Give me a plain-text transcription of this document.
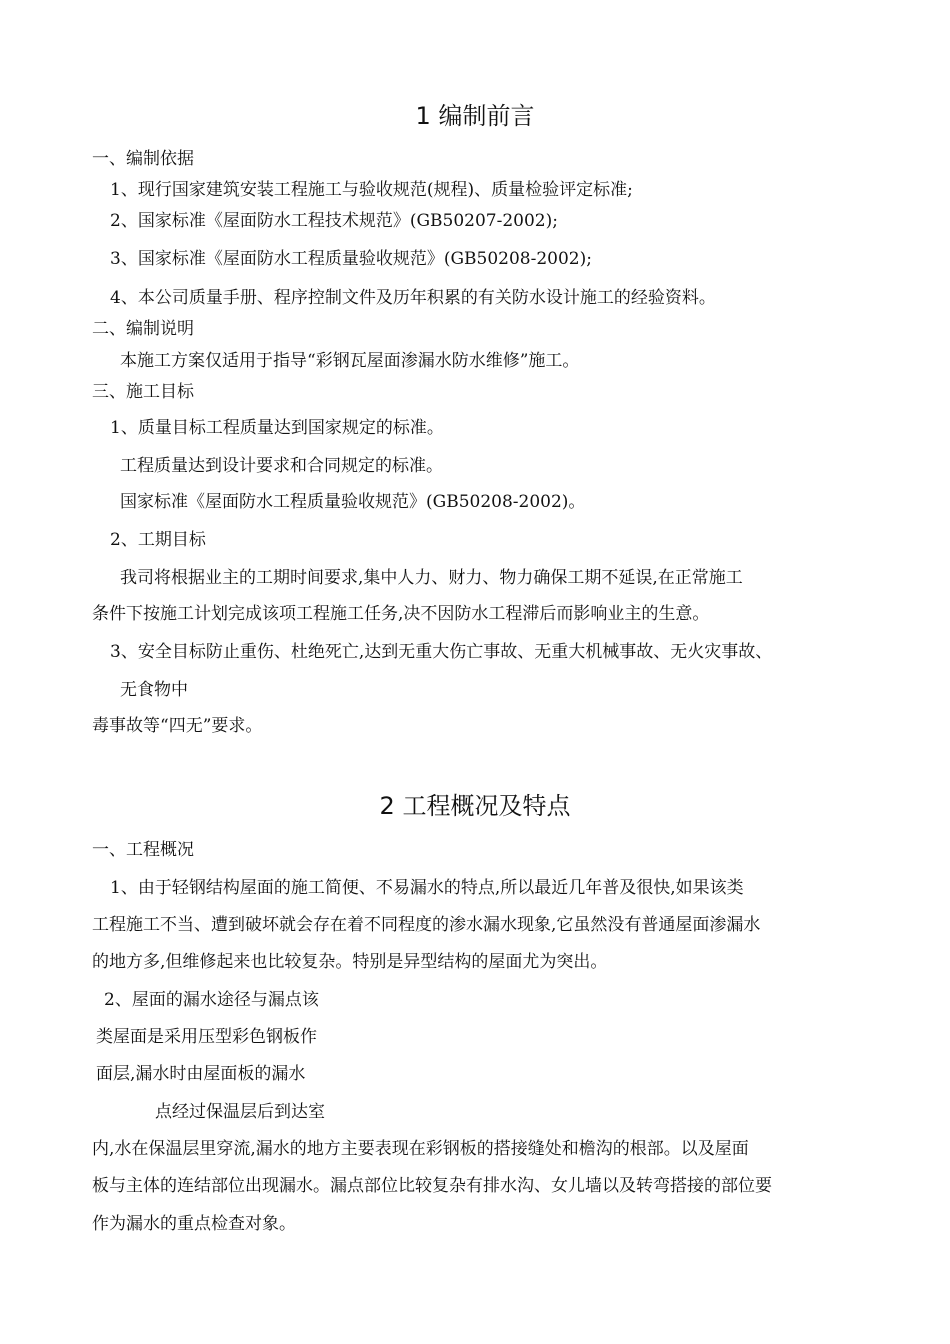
1 编制前言
一、编制依据
1、现行国家建筑安装工程施工与验收规范(规程)、质量检验评定标准;
2、国家标准《屋面防水工程技术规范》(GB50207-2002);
3、国家标准《屋面防水工程质量验收规范》(GB50208-2002);
4、本公司质量手册、程序控制文件及历年积累的有关防水设计施工的经验资料。
二、编制说明
本施工方案仅适用于指导“彩钢瓦屋面渗漏水防水维修”施工。
三、施工目标
1、质量目标工程质量达到国家规定的标准。
工程质量达到设计要求和合同规定的标准。
国家标准《屋面防水工程质量验收规范》(GB50208-2002)。
2、工期目标
我司将根据业主的工期时间要求,集中人力、财力、物力确保工期不延误,在正常施工
条件下按施工计划完成该项工程施工任务,决不因防水工程滞后而影响业主的生意。
3、安全目标防止重伤、杜绝死亡,达到无重大伤亡事故、无重大机械事故、无火灾事故、
无食物中
毒事故等“四无”要求。
2 工程概况及特点
一、工程概况
1、由于轻钢结构屋面的施工简便、不易漏水的特点,所以最近几年普及很快,如果该类
工程施工不当、遭到破坏就会存在着不同程度的渗水漏水现象,它虽然没有普通屋面渗漏水
的地方多,但维修起来也比较复杂。特别是异型结构的屋面尤为突出。
2、屋面的漏水途径与漏点该
类屋面是采用压型彩色钢板作
面层,漏水时由屋面板的漏水
点经过保温层后到达室
内,水在保温层里穿流,漏水的地方主要表现在彩钢板的搭接缝处和檐沟的根部。以及屋面
板与主体的连结部位出现漏水。漏点部位比较复杂有排水沟、女儿墙以及转弯搭接的部位要
作为漏水的重点检查对象。
